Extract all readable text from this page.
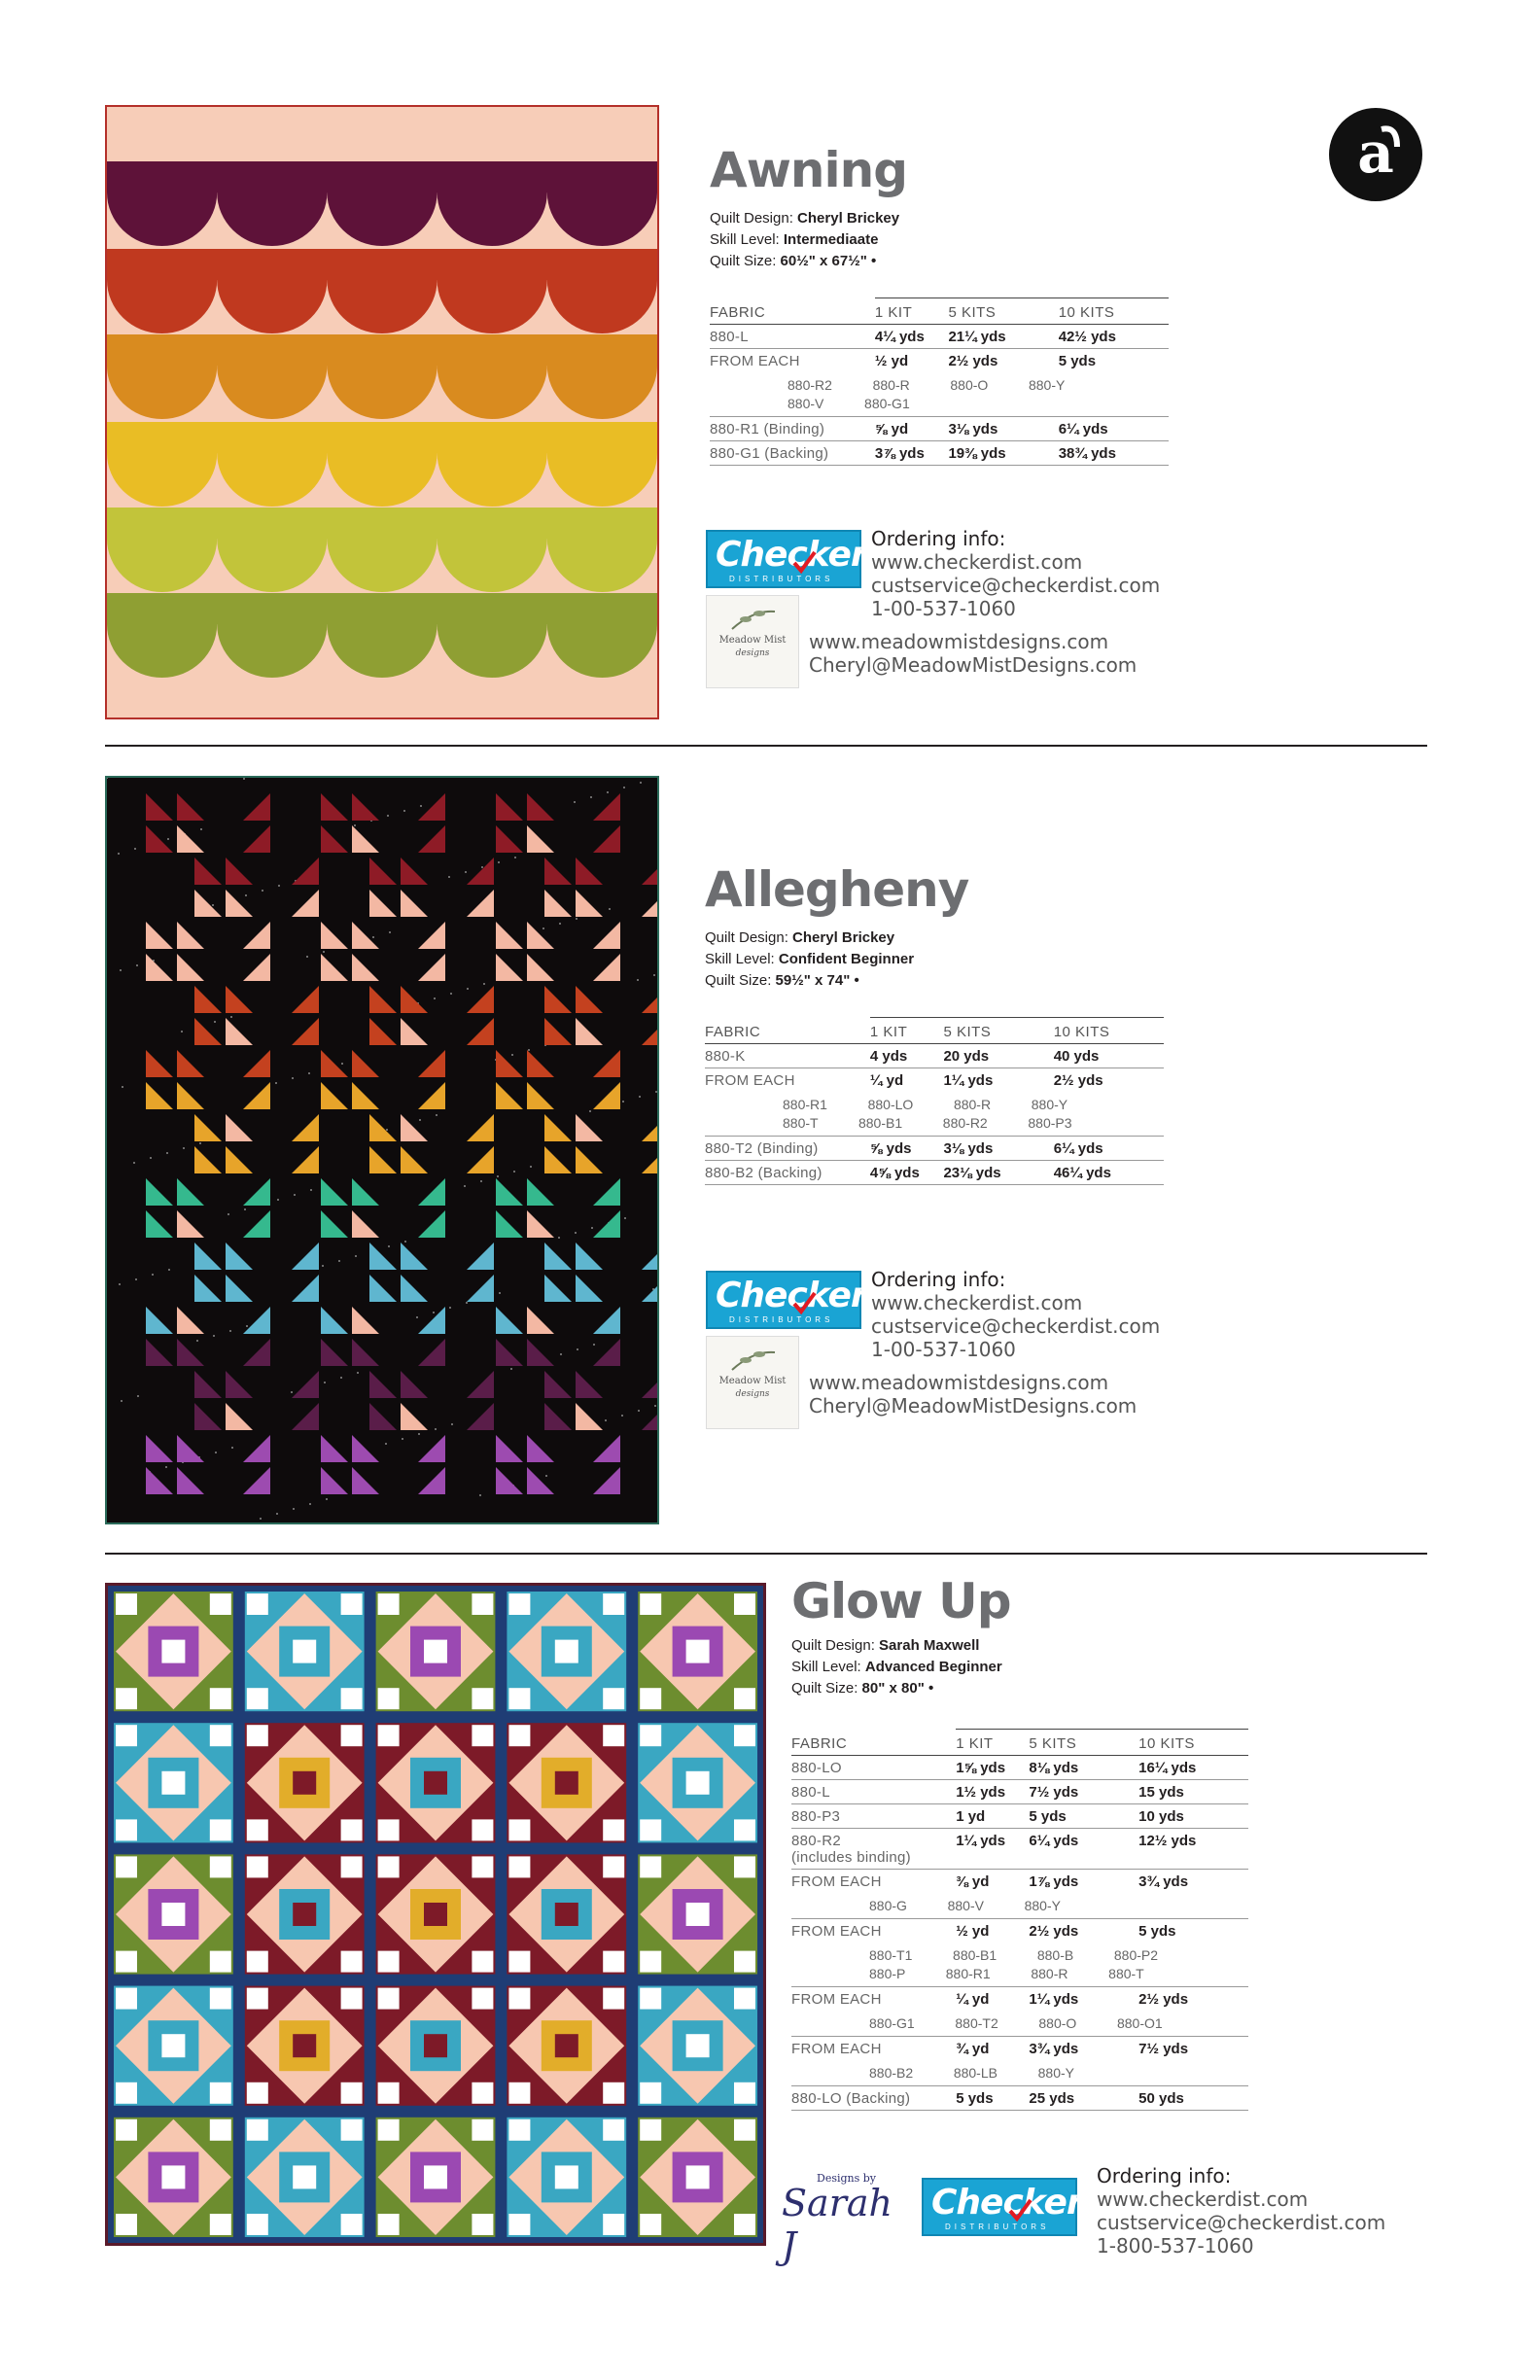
a
Awning
Quilt Design: Cheryl Brickey
Skill Level: Intermediaate
Quilt Size: 60½" x 67½" •
FABRIC	1 KIT	5 KITS	10 KITS
880-L	4¼ yds	21¼ yds	42½ yds
FROM EACH	½ yd	2½ yds	5 yds

880-R2   880-R   880-O   880-Y
880-V   880-G1			

880-R1 (Binding)	⅝ yd	3⅛ yds	6¼ yds
880-G1 (Backing)	3⅞ yds	19⅜ yds	38¾ yds
Checker
DISTRIBUTORS
Meadow Mist
designs
Ordering info:
www.checkerdist.com
custservice@checkerdist.com
1-00-537-1060
www.meadowmistdesigns.com
Cheryl@MeadowMistDesigns.com
Allegheny
Quilt Design: Cheryl Brickey
Skill Level: Confident Beginner
Quilt Size: 59½" x 74" •
FABRIC	1 KIT	5 KITS	10 KITS
880-K	4 yds	20 yds	40 yds
FROM EACH	¼ yd	1¼ yds	2½ yds

880-R1   880-LO   880-R   880-Y
880-T   880-B1   880-R2   880-P3			

880-T2 (Binding)	⅝ yds	3⅛ yds	6¼ yds
880-B2 (Backing)	4⅝ yds	23⅛ yds	46¼ yds
Checker
DISTRIBUTORS
Meadow Mist
designs
Ordering info:
www.checkerdist.com
custservice@checkerdist.com
1-00-537-1060
www.meadowmistdesigns.com
Cheryl@MeadowMistDesigns.com
Glow Up
Quilt Design: Sarah Maxwell
Skill Level: Advanced Beginner
Quilt Size: 80" x 80" •
FABRIC	1 KIT	5 KITS	10 KITS
880-LO	1⅝ yds	8⅛ yds	16¼ yds
880-L	1½ yds	7½ yds	15 yds
880-P3	1 yd	5 yds	10 yds
880-R2
(includes binding)	1¼ yds	6¼ yds	12½ yds
FROM EACH	⅜ yd	1⅞ yds	3¾ yds

880-G   880-V   880-Y			

FROM EACH	½ yd	2½ yds	5 yds

880-T1   880-B1   880-B   880-P2
880-P   880-R1   880-R   880-T			

FROM EACH	¼ yd	1¼ yds	2½ yds

880-G1   880-T2   880-O   880-O1			

FROM EACH	¾ yd	3¾ yds	7½ yds

880-B2   880-LB   880-Y			

880-LO (Backing)	5 yds	25 yds	50 yds
Designs by
Sarah J
Checker
DISTRIBUTORS
Ordering info:
www.checkerdist.com
custservice@checkerdist.com
1-800-537-1060
